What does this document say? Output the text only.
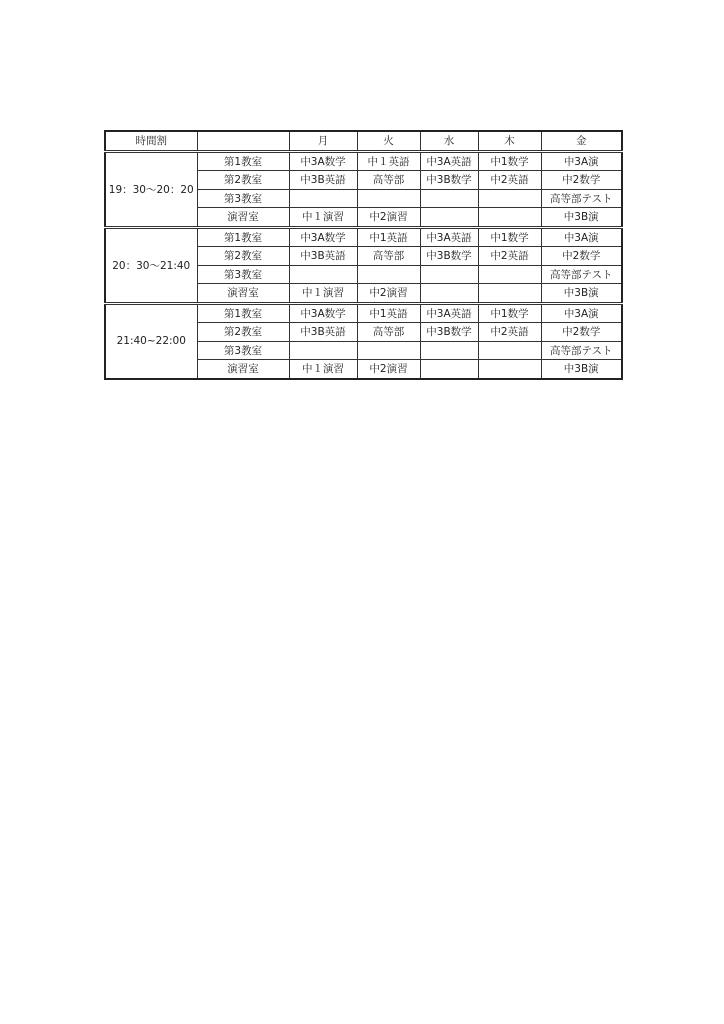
時間割		月	火	水	木	金
19：30〜20：20	第1教室	中3A数学	中１英語	中3A英語	中1数学	中3A演
	第2教室	中3B英語	高等部	中3B数学	中2英語	中2数学
	第3教室					高等部テスト
	演習室	中１演習	中2演習			中3B演
20：30〜21:40	第1教室	中3A数学	中1英語	中3A英語	中1数学	中3A演
	第2教室	中3B英語	高等部	中3B数学	中2英語	中2数学
	第3教室					高等部テスト
	演習室	中１演習	中2演習			中3B演
21:40~22:00	第1教室	中3A数学	中1英語	中3A英語	中1数学	中3A演
	第2教室	中3B英語	高等部	中3B数学	中2英語	中2数学
	第3教室					高等部テスト
	演習室	中１演習	中2演習			中3B演
